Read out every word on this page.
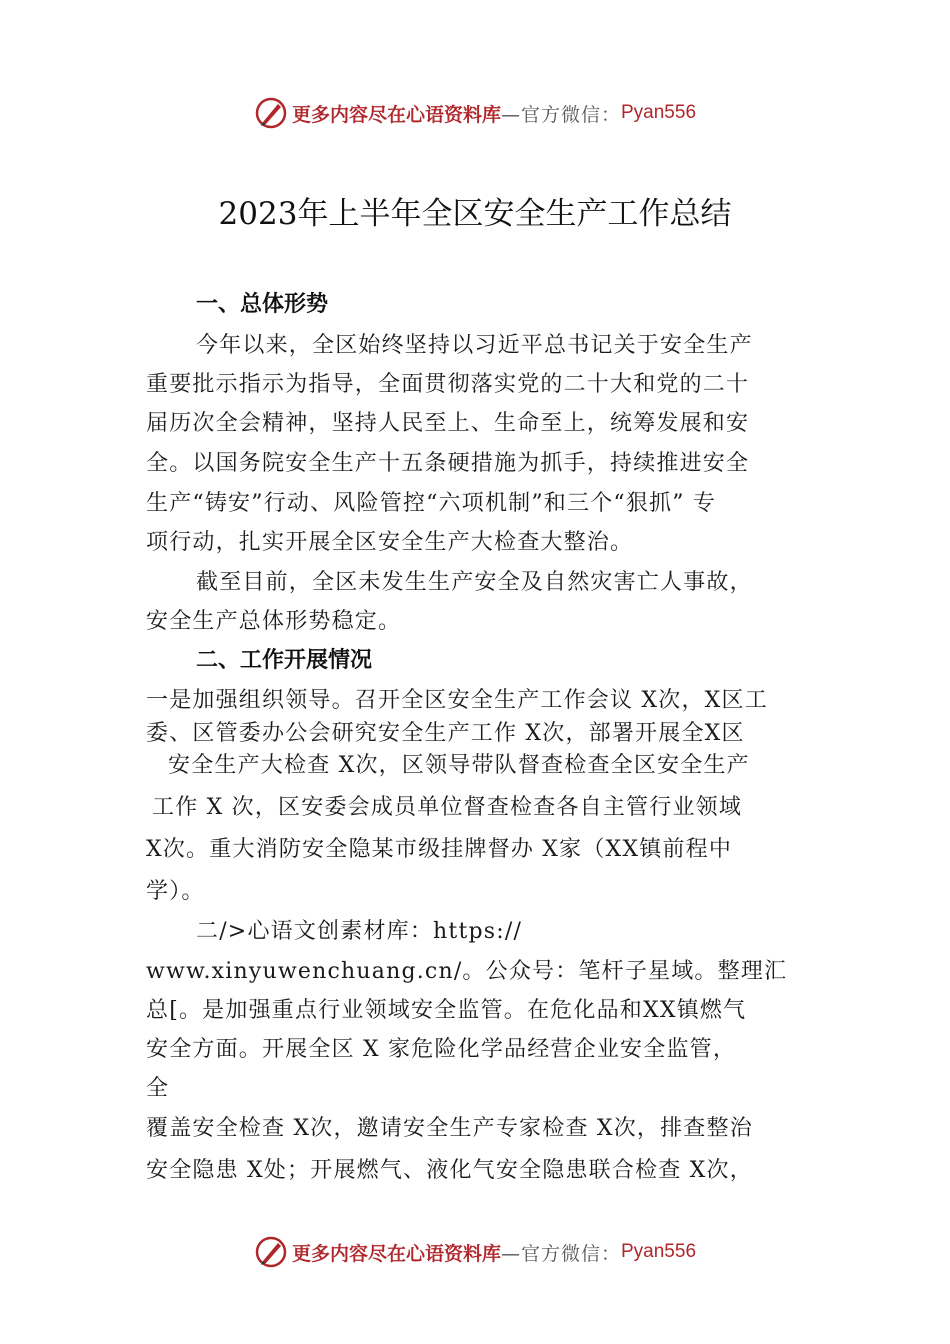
更多内容尽在心语资料库 —官方微信： Pyan556
2023年上半年全区安全生产工作总结
一、总体形势
今年以来，全区始终坚持以习近平总书记关于安全生产
重要批示指示为指导，全面贯彻落实党的二十大和党的二十
届历次全会精神，坚持人民至上、生命至上，统筹发展和安
全。以国务院安全生产十五条硬措施为抓手，持续推进安全
生产“铸安”行动、风险管控“六项机制”和三个“狠抓” 专
项行动，扎实开展全区安全生产大检查大整治。
截至目前，全区未发生生产安全及自然灾害亡人事故，
安全生产总体形势稳定。
二、工作开展情况
一是加强组织领导。召开全区安全生产工作会议 X次，X区工
委、区管委办公会研究安全生产工作 X次，部署开展全X区
安全生产大检查 X次，区领导带队督查检查全区安全生产
工作 X 次，区安委会成员单位督查检查各自主管行业领域
X次。重大消防安全隐某市级挂牌督办 X家（XX镇前程中
学）。
二/>心语文创素材库：https://
www.xinyuwenchuang.cn/。公众号：笔杆子星域。整理汇
总[。是加强重点行业领域安全监管。在危化品和XX镇燃气
安全方面。开展全区 X 家危险化学品经营企业安全监管，
全
覆盖安全检查 X次，邀请安全生产专家检查 X次，排查整治
安全隐患 X处；开展燃气、液化气安全隐患联合检查 X次，
更多内容尽在心语资料库 —官方微信： Pyan556
